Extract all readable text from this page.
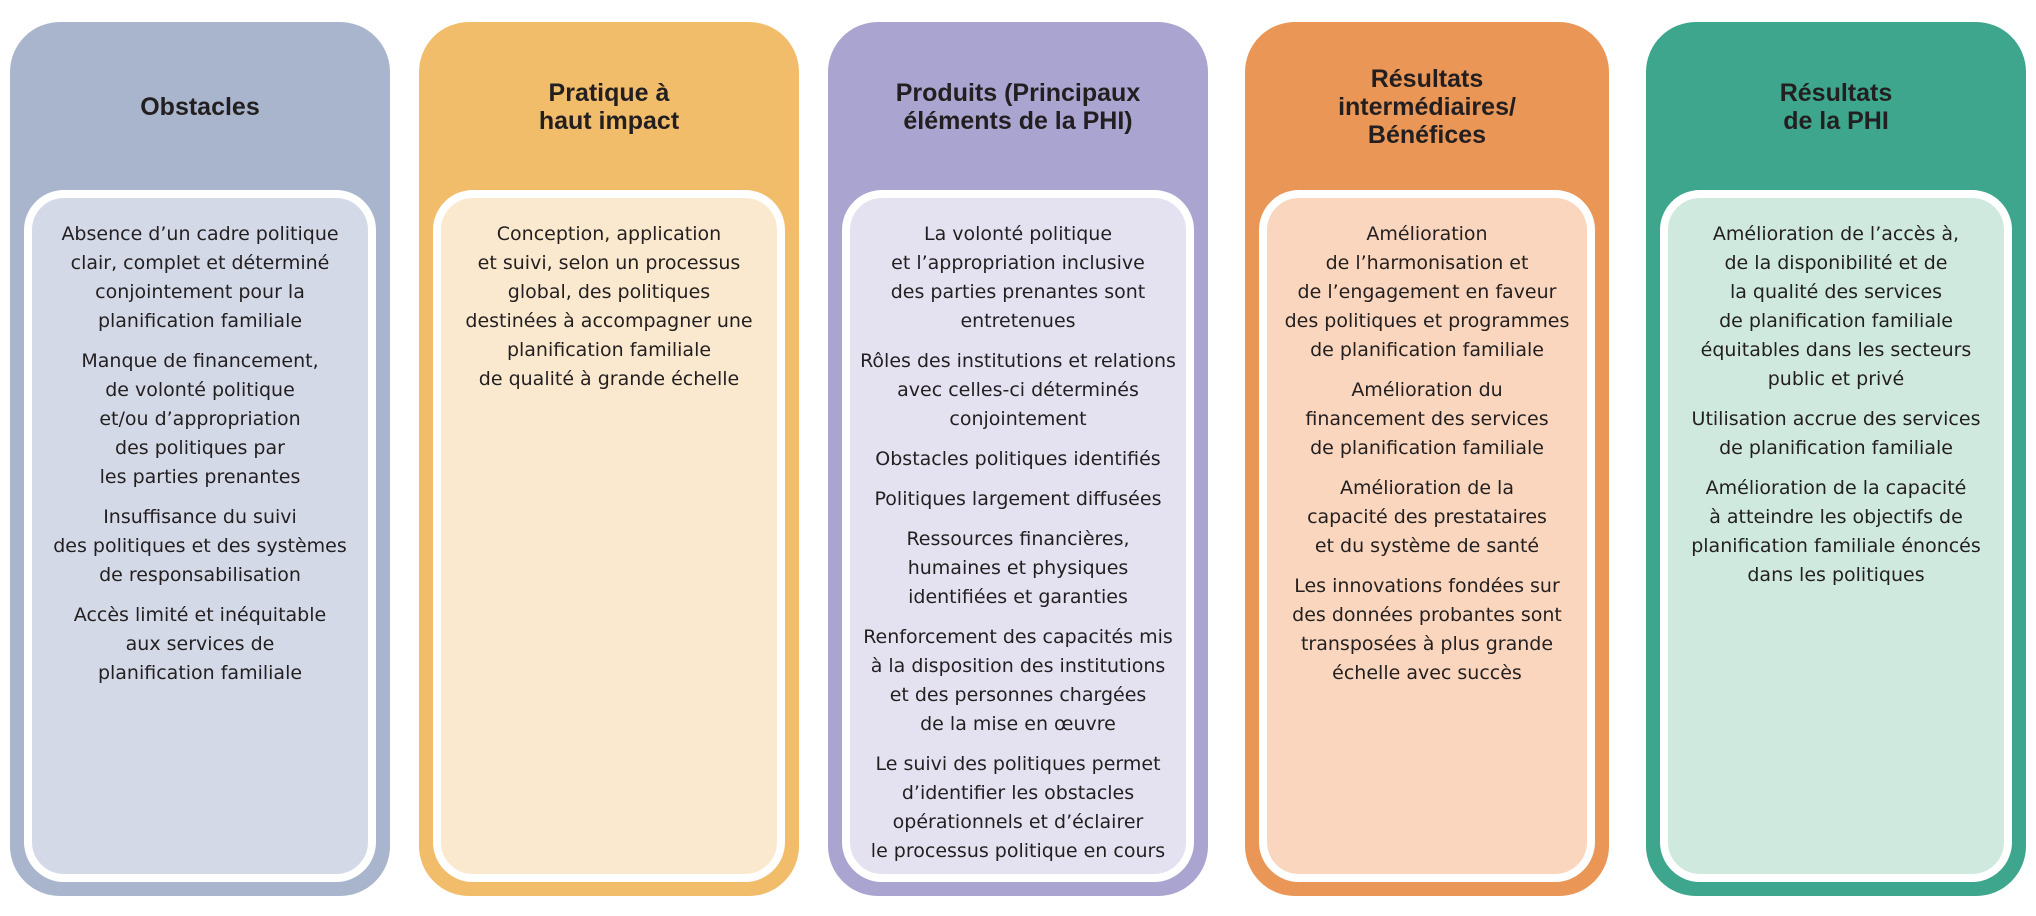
Obstacles

Absence d’un cadre politique
clair, complet et déterminé
conjointement pour la
planification familiale

Manque de financement,
de volonté politique
et/ou d’appropriation
des politiques par
les parties prenantes

Insuffisance du suivi
des politiques et des systèmes
de responsabilisation

Accès limité et inéquitable
aux services de
planification familiale

Pratique à
haut impact

Conception, application
et suivi, selon un processus
global, des politiques
destinées à accompagner une
planification familiale
de qualité à grande échelle

Produits (Principaux
éléments de la PHI)

La volonté politique
et l’appropriation inclusive
des parties prenantes sont
entretenues

Rôles des institutions et relations
avec celles-ci déterminés
conjointement

Obstacles politiques identifiés

Politiques largement diffusées

Ressources financières,
humaines et physiques
identifiées et garanties

Renforcement des capacités mis
à la disposition des institutions
et des personnes chargées
de la mise en œuvre

Le suivi des politiques permet
d’identifier les obstacles
opérationnels et d’éclairer
le processus politique en cours

Résultats
intermédiaires/
Bénéfices

Amélioration
de l’harmonisation et
de l’engagement en faveur
des politiques et programmes
de planification familiale

Amélioration du
financement des services
de planification familiale

Amélioration de la
capacité des prestataires
et du système de santé

Les innovations fondées sur
des données probantes sont
transposées à plus grande
échelle avec succès

Résultats
de la PHI

Amélioration de l’accès à,
de la disponibilité et de
la qualité des services
de planification familiale
équitables dans les secteurs
public et privé

Utilisation accrue des services
de planification familiale

Amélioration de la capacité
à atteindre les objectifs de
planification familiale énoncés
dans les politiques
